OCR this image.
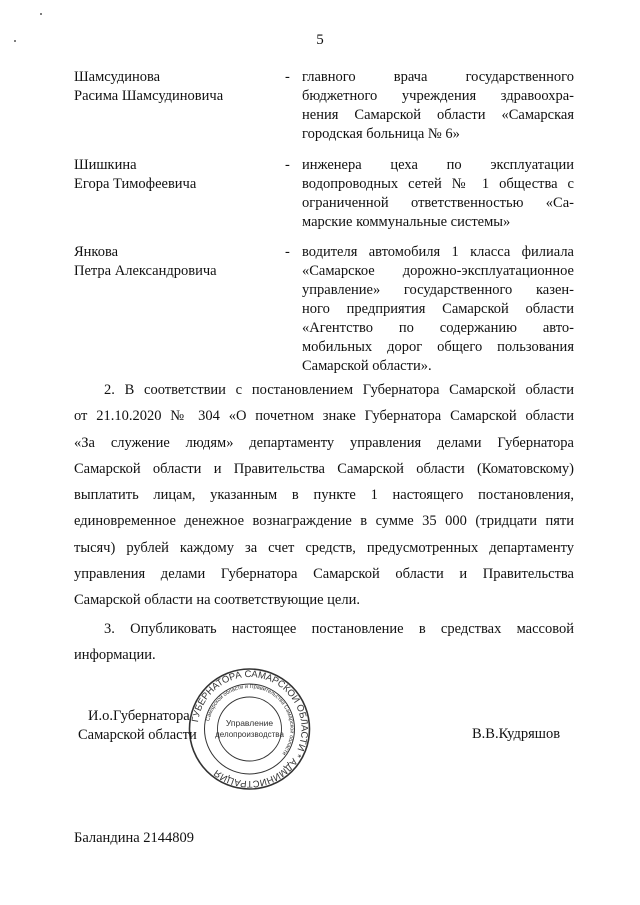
5
Шамсудинова
Расима Шамсудиновича
- главного врача государственного
бюджетного учреждения здравоохра-
нения Самарской области «Самарская
городская больница № 6»
Шишкина
Егора Тимофеевича
- инженера цеха по эксплуатации
водопроводных сетей № 1 общества с
ограниченной ответственностью «Са-
марские коммунальные системы»
Янкова
Петра Александровича
- водителя автомобиля 1 класса филиала
«Самарское дорожно-эксплуатационное
управление» государственного казен-
ного предприятия Самарской области
«Агентство по содержанию авто-
мобильных дорог общего пользования
Самарской области».
2. В соответствии с постановлением Губернатора Самарской области
от 21.10.2020 № 304 «О почетном знаке Губернатора Самарской области
«За служение людям» департаменту управления делами Губернатора
Самарской области и Правительства Самарской области (Коматовскому)
выплатить лицам, указанным в пункте 1 настоящего постановления,
единовременное денежное вознаграждение в сумме 35 000 (тридцати пяти
тысяч) рублей каждому за счет средств, предусмотренных департаменту
управления делами Губернатора Самарской области и Правительства
Самарской области на соответствующие цели.
3. Опубликовать настоящее постановление в средствах массовой
информации.
ГУБЕРНАТОРА САМАРСКОЙ ОБЛАСТИ * АДМИНИСТРАЦИЯ
Самарской области и Правительства Самарской области
Управление
делопроизводства
И.о.Губернатора
Самарской области	В.В.Кудряшов
Баландина 2144809
